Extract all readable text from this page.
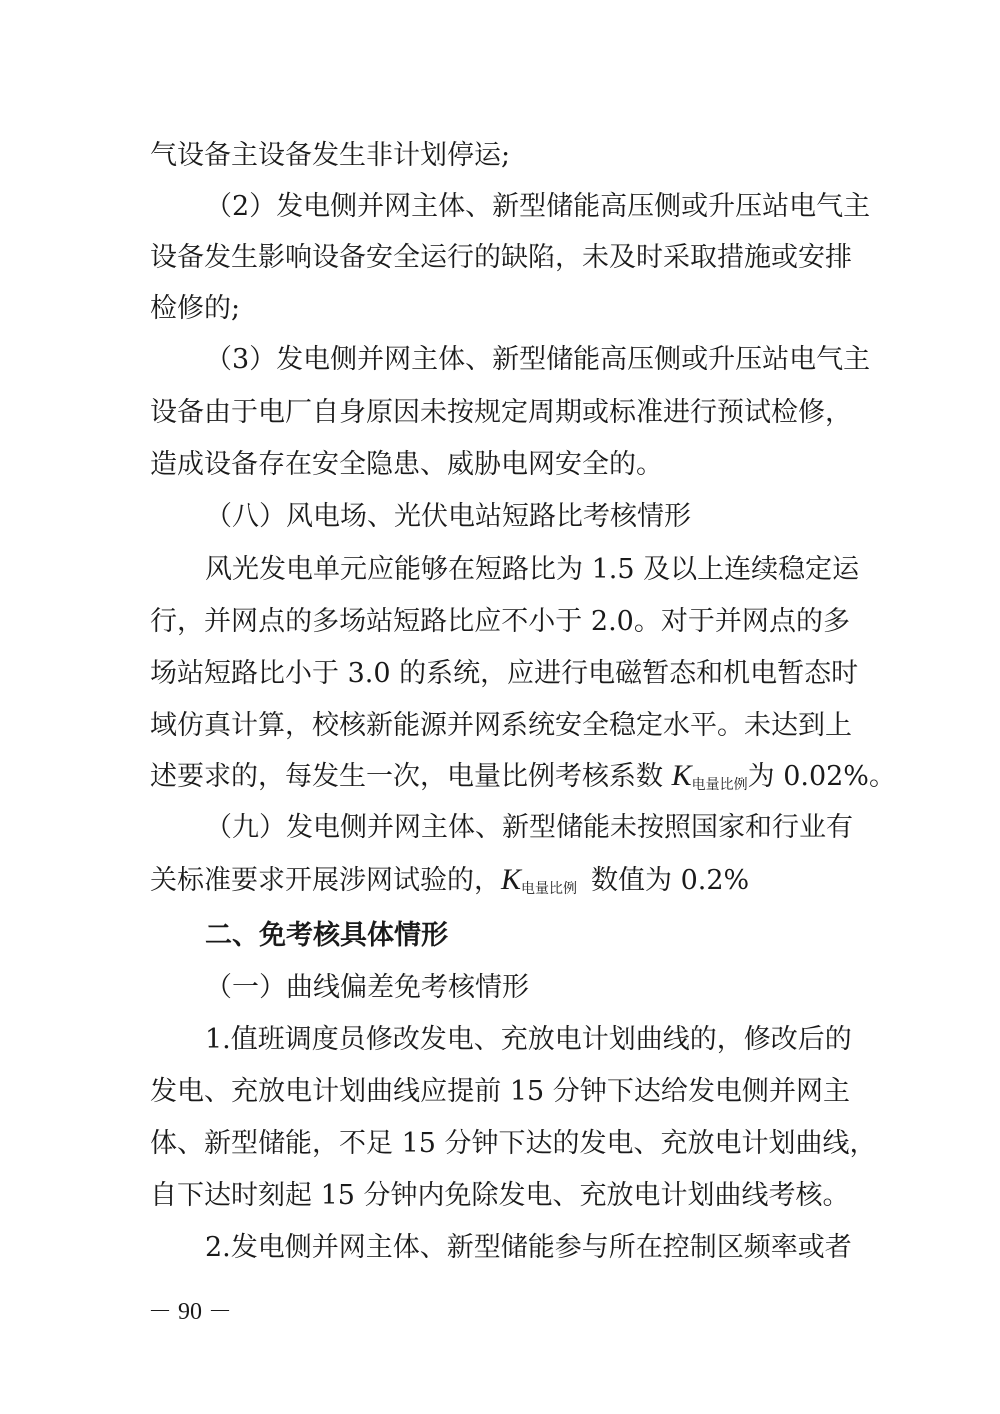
气设备主设备发生非计划停运;
（2）发电侧并网主体、新型储能高压侧或升压站电气主
设备发生影响设备安全运行的缺陷，未及时采取措施或安排
检修的;
（3）发电侧并网主体、新型储能高压侧或升压站电气主
设备由于电厂自身原因未按规定周期或标准进行预试检修，
造成设备存在安全隐患、威胁电网安全的。
（八）风电场、光伏电站短路比考核情形
风光发电单元应能够在短路比为 1.5 及以上连续稳定运
行，并网点的多场站短路比应不小于 2.0。对于并网点的多
场站短路比小于 3.0 的系统，应进行电磁暂态和机电暂态时
域仿真计算，校核新能源并网系统安全稳定水平。未达到上
述要求的，每发生一次，电量比例考核系数 $K_{电量比例}$为 0.02%。
（九）发电侧并网主体、新型储能未按照国家和行业有
关标准要求开展涉网试验的，$K_{电量比例}$ 数值为 0.2%
二、免考核具体情形
（一）曲线偏差免考核情形
1.值班调度员修改发电、充放电计划曲线的，修改后的
发电、充放电计划曲线应提前 15 分钟下达给发电侧并网主
体、新型储能，不足 15 分钟下达的发电、充放电计划曲线，
自下达时刻起 15 分钟内免除发电、充放电计划曲线考核。
2.发电侧并网主体、新型储能参与所在控制区频率或者
－ 90 －
